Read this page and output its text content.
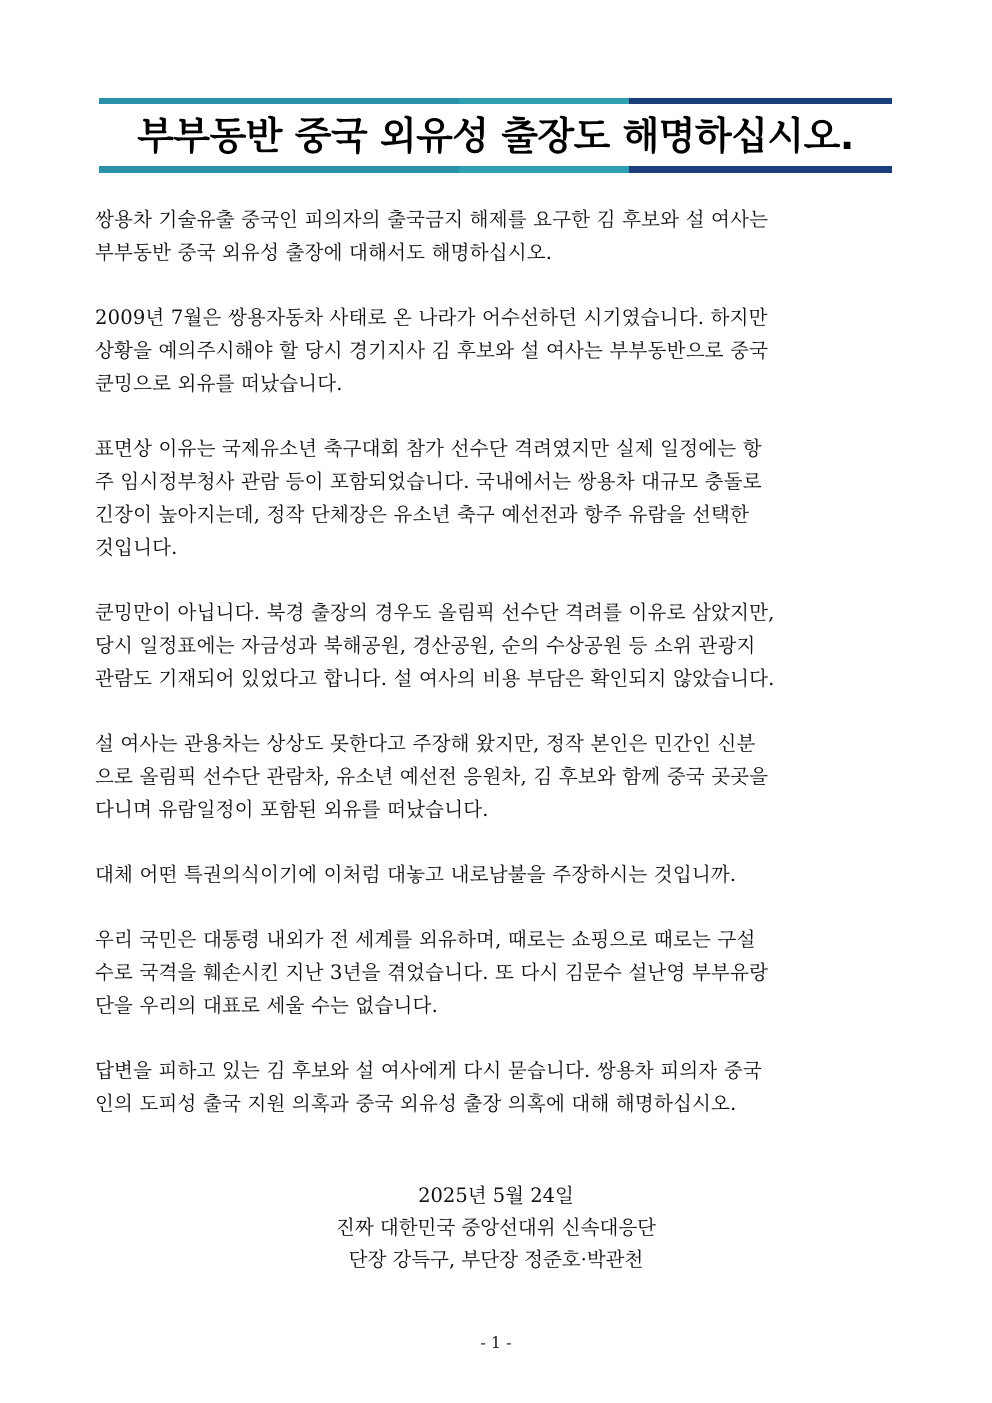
부부동반 중국 외유성 출장도 해명하십시오.
쌍용차 기술유출 중국인 피의자의 출국금지 해제를 요구한 김 후보와 설 여사는
부부동반 중국 외유성 출장에 대해서도 해명하십시오.
2009년 7월은 쌍용자동차 사태로 온 나라가 어수선하던 시기였습니다. 하지만
상황을 예의주시해야 할 당시 경기지사 김 후보와 설 여사는 부부동반으로 중국
쿤밍으로 외유를 떠났습니다.
표면상 이유는 국제유소년 축구대회 참가 선수단 격려였지만 실제 일정에는 항
주 임시정부청사 관람 등이 포함되었습니다. 국내에서는 쌍용차 대규모 충돌로
긴장이 높아지는데, 정작 단체장은 유소년 축구 예선전과 항주 유람을 선택한
것입니다.
쿤밍만이 아닙니다. 북경 출장의 경우도 올림픽 선수단 격려를 이유로 삼았지만,
당시 일정표에는 자금성과 북해공원, 경산공원, 순의 수상공원 등 소위 관광지
관람도 기재되어 있었다고 합니다. 설 여사의 비용 부담은 확인되지 않았습니다.
설 여사는 관용차는 상상도 못한다고 주장해 왔지만, 정작 본인은 민간인 신분
으로 올림픽 선수단 관람차, 유소년 예선전 응원차, 김 후보와 함께 중국 곳곳을
다니며 유람일정이 포함된 외유를 떠났습니다.
대체 어떤 특권의식이기에 이처럼 대놓고 내로남불을 주장하시는 것입니까.
우리 국민은 대통령 내외가 전 세계를 외유하며, 때로는 쇼핑으로 때로는 구설
수로 국격을 훼손시킨 지난 3년을 겪었습니다. 또 다시 김문수 설난영 부부유랑
단을 우리의 대표로 세울 수는 없습니다.
답변을 피하고 있는 김 후보와 설 여사에게 다시 묻습니다. 쌍용차 피의자 중국
인의 도피성 출국 지원 의혹과 중국 외유성 출장 의혹에 대해 해명하십시오.
2025년 5월 24일
진짜 대한민국 중앙선대위 신속대응단
단장 강득구, 부단장 정준호·박관천
- 1 -
